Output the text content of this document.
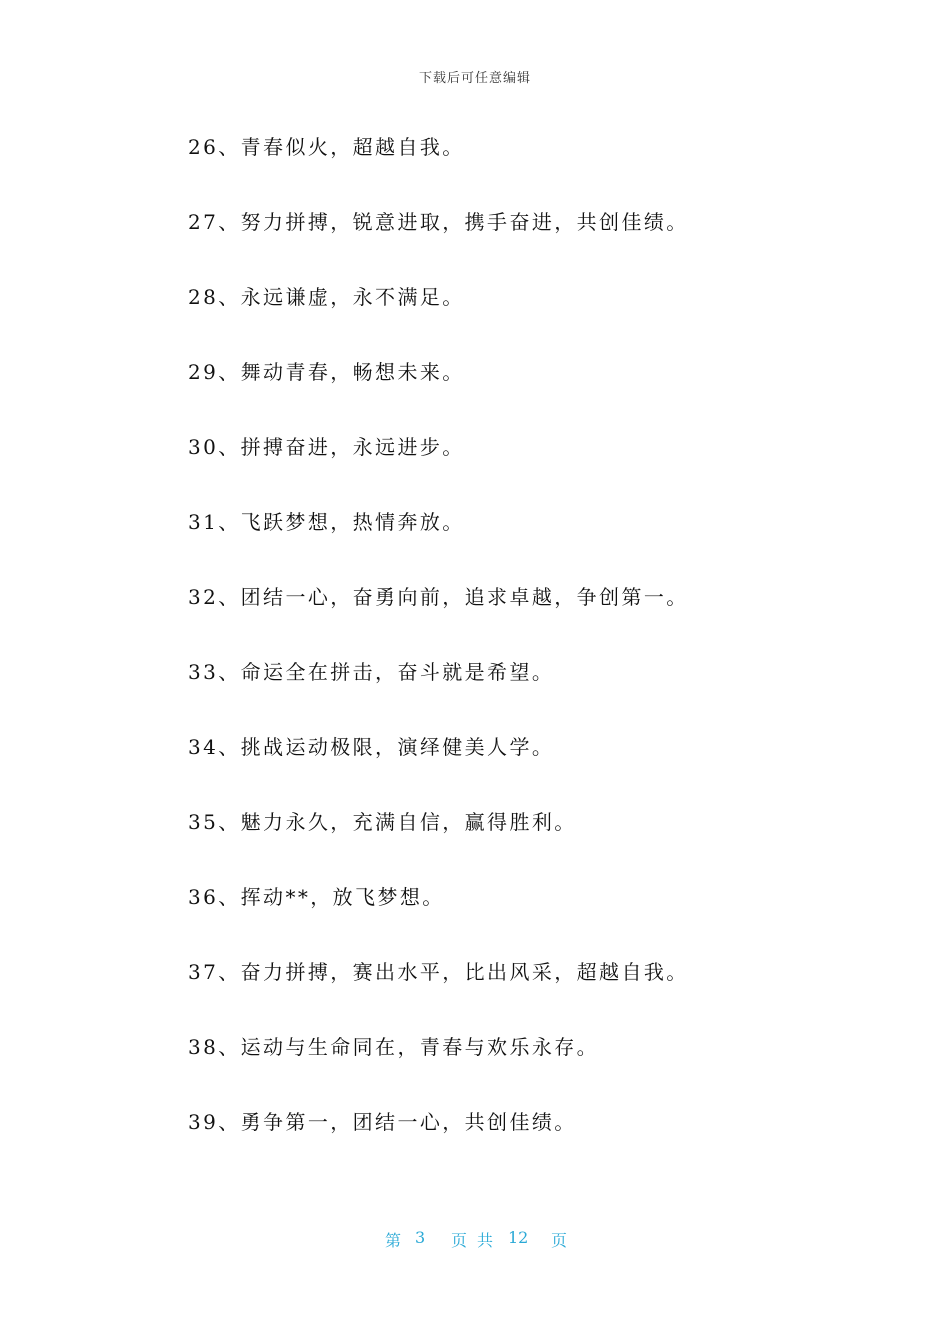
下载后可任意编辑
26、青春似火，超越自我。
27、努力拼搏，锐意进取，携手奋进，共创佳绩。
28、永远谦虚，永不满足。
29、舞动青春，畅想未来。
30、拼搏奋进，永远进步。
31、飞跃梦想，热情奔放。
32、团结一心，奋勇向前，追求卓越，争创第一。
33、命运全在拼击，奋斗就是希望。
34、挑战运动极限，演绎健美人学。
35、魅力永久，充满自信，赢得胜利。
36、挥动**，放飞梦想。
37、奋力拼搏，赛出水平，比出风采，超越自我。
38、运动与生命同在，青春与欢乐永存。
39、勇争第一，团结一心，共创佳绩。
第 3 页 共 12 页
